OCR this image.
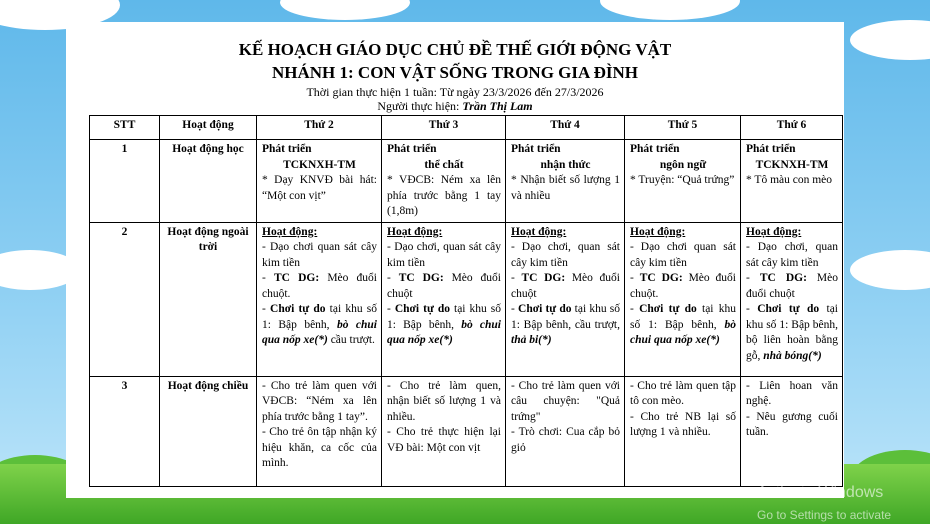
KẾ HOẠCH GIÁO DỤC CHỦ ĐỀ THẾ GIỚI ĐỘNG VẬT
NHÁNH 1: CON VẬT SỐNG TRONG GIA ĐÌNH
Thời gian thực hiện 1 tuần: Từ ngày 23/3/2026 đến 27/3/2026
Người thực hiện: Trần Thị Lam
STT	Hoạt động	Thứ 2	Thứ 3	Thứ 4	Thứ 5	Thứ 6
1	Hoạt động học	Phát triển
TCKNXH-TM
* Dạy KNVĐ bài hát: “Một con vịt”	Phát triển
thể chất
* VĐCB: Ném xa lên phía trước bằng 1 tay (1,8m)	Phát triển
nhận thức
* Nhận biết số lượng 1 và nhiều	Phát triển
ngôn ngữ
* Truyện: “Quả trứng”	Phát triển
TCKNXH-TM
* Tô màu con mèo
2	Hoạt động ngoài trời	Hoạt động:
- Dạo chơi quan sát cây kim tiền
- TC DG: Mèo đuổi chuột.
- Chơi tự do tại khu số 1: Bập bênh, bò chui qua nốp xe(*) cầu trượt.	Hoạt động:
- Dạo chơi, quan sát cây kim tiền
- TC DG: Mèo đuổi chuột
- Chơi tự do tại khu số 1: Bập bênh, bò chui qua nốp xe(*)	Hoạt động:
- Dạo chơi, quan sát cây kim tiền
- TC DG: Mèo đuổi chuột
- Chơi tự do tại khu số 1: Bập bênh, cầu trượt, thả bi(*)	Hoạt động:
- Dạo chơi quan sát cây kim tiền
- TC DG: Mèo đuổi chuột.
- Chơi tự do tại khu số 1: Bập bênh, bò chui qua nốp xe(*)	Hoạt động:
- Dạo chơi, quan sát cây kim tiền
- TC DG: Mèo đuổi chuột
- Chơi tự do tại khu số 1: Bập bênh, bộ liên hoàn bằng gỗ, nhà bóng(*)
3	Hoạt động chiều	- Cho trẻ làm quen với VĐCB: “Ném xa lên phía trước bằng 1 tay”.
- Cho trẻ ôn tập nhận ký hiệu khăn, ca cốc của mình.	- Cho trẻ làm quen, nhận biết số lượng 1 và nhiều.
- Cho trẻ thực hiện lại VĐ bài: Một con vịt	- Cho trẻ làm quen với câu chuyện: "Quả trứng"
- Trò chơi: Cua cắp bỏ giỏ	- Cho trẻ làm quen tập tô con mèo.
- Cho trẻ NB lại số lượng 1 và nhiều.	- Liên hoan văn nghệ.
- Nêu gương cuối tuần.
Activate Windows
Go to Settings to activate
